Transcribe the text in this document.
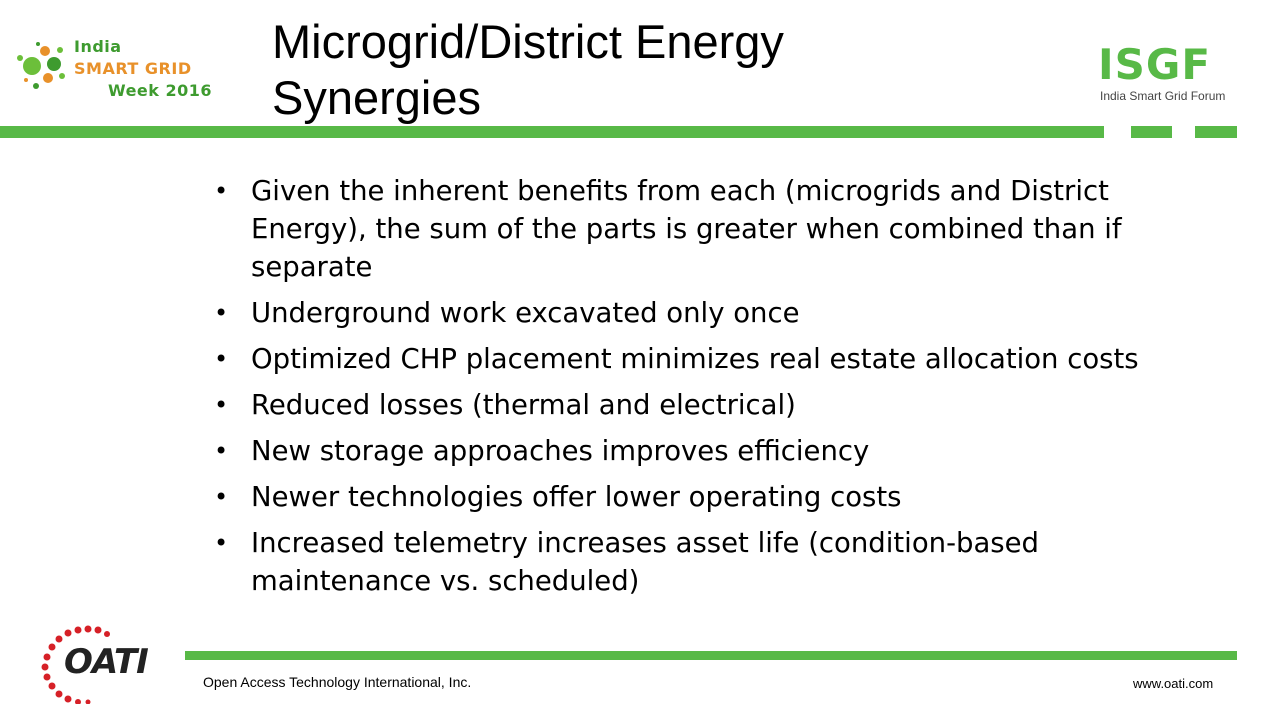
India
SMART GRID
Week 2016
Microgrid/District Energy Synergies
ISGF
India Smart Grid Forum
• Given the inherent benefits from each (microgrids and District Energy), the sum of the parts is greater when combined than if separate
• Underground work excavated only once
• Optimized CHP placement minimizes real estate allocation costs
• Reduced losses (thermal and electrical)
• New storage approaches improves efficiency
• Newer technologies offer lower operating costs
• Increased telemetry increases asset life (condition-based maintenance vs. scheduled)
OATI	Open Access Technology International, Inc.	www.oati.com
